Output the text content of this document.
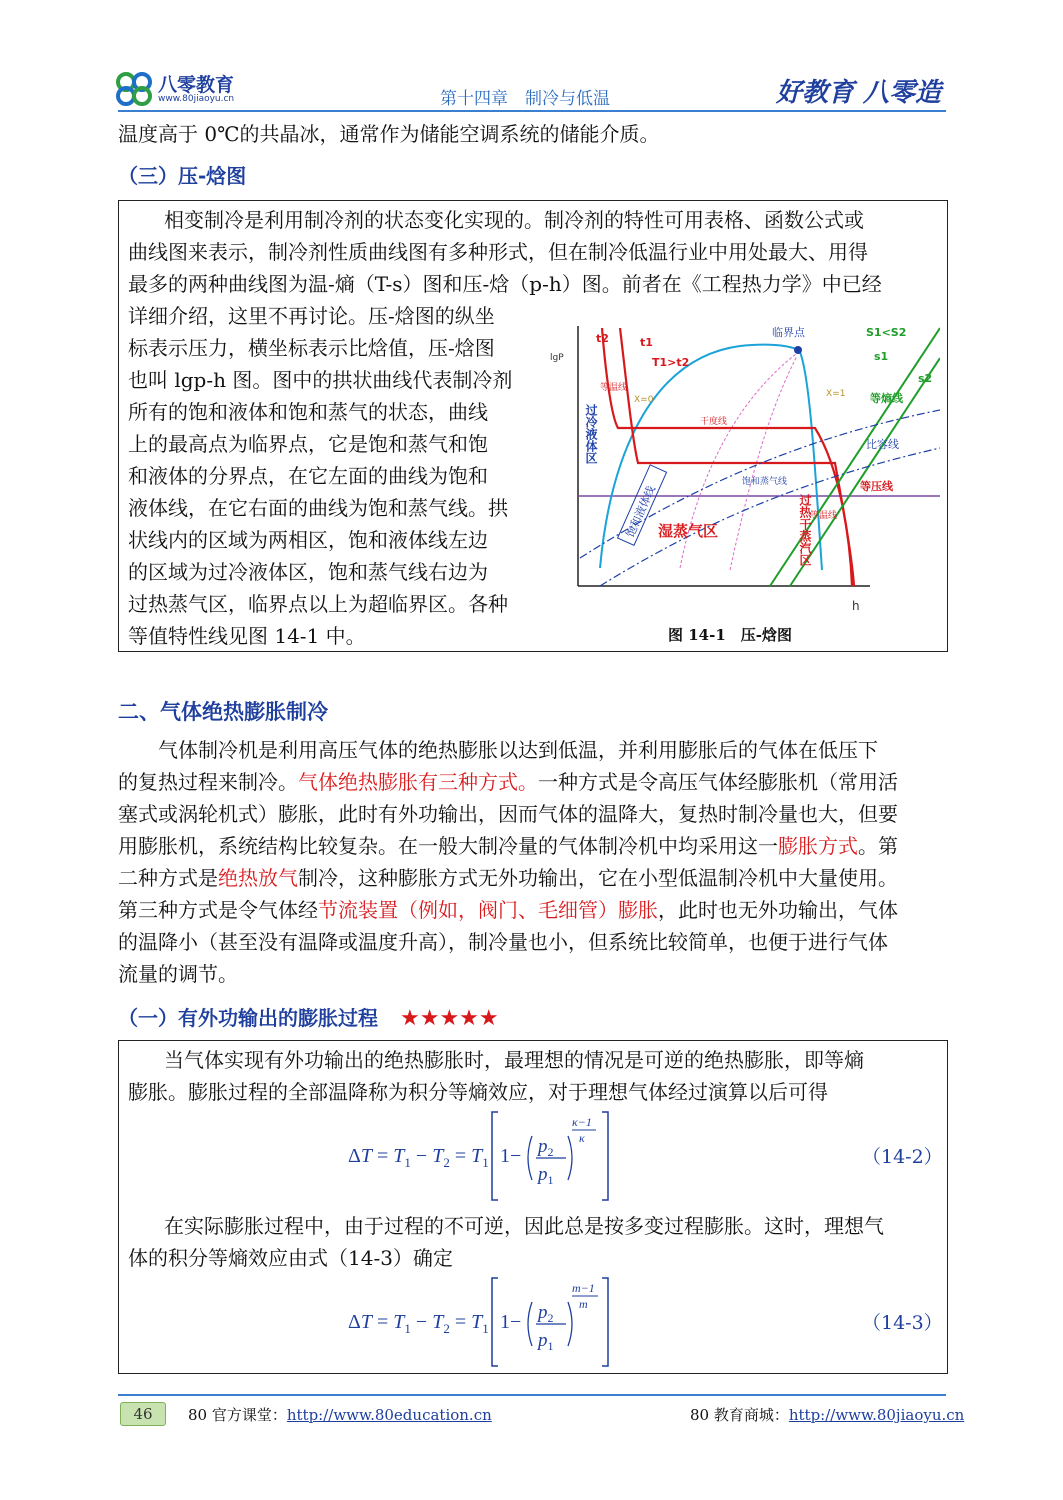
八零教育
www.80jiaoyu.cn	第十四章　制冷与低温	好教育 八零造
温度高于 0℃的共晶冰，通常作为储能空调系统的储能介质。
（三）压-焓图
　　相变制冷是利用制冷剂的状态变化实现的。制冷剂的特性可用表格、函数公式或
曲线图来表示，制冷剂性质曲线图有多种形式，但在制冷低温行业中用处最大、用得
最多的两种曲线图为温-熵（T-s）图和压-焓（p-h）图。前者在《工程热力学》中已经
详细介绍，这里不再讨论。压-焓图的纵坐
标表示压力，横坐标表示比焓值，压-焓图
也叫 lgp-h 图。图中的拱状曲线代表制冷剂
所有的饱和液体和饱和蒸气的状态，曲线
上的最高点为临界点，它是饱和蒸气和饱
和液体的分界点，在它左面的曲线为饱和
液体线，在它右面的曲线为饱和蒸气线。拱
状线内的区域为两相区，饱和液体线左边
的区域为过冷液体区，饱和蒸气线右边为
过热蒸气区，临界点以上为超临界区。各种
等值特性线见图 14-1 中。
lgP
h
t2	t1
T1>t2
临界点	S1<S2
s1
s2
等温线
X=0
X=1
干度线
等熵线
比容线
等压线
饱和蒸气线
等温线
湿蒸气区
过冷液体区
过热干蒸汽区
饱和液体线
图 14-1　压-焓图
二、气体绝热膨胀制冷
　　气体制冷机是利用高压气体的绝热膨胀以达到低温，并利用膨胀后的气体在低压下
的复热过程来制冷。气体绝热膨胀有三种方式。一种方式是令高压气体经膨胀机（常用活
塞式或涡轮机式）膨胀，此时有外功输出，因而气体的温降大，复热时制冷量也大，但要
用膨胀机，系统结构比较复杂。在一般大制冷量的气体制冷机中均采用这一膨胀方式。第
二种方式是绝热放气制冷，这种膨胀方式无外功输出，它在小型低温制冷机中大量使用。
第三种方式是令气体经节流装置（例如，阀门、毛细管）膨胀，此时也无外功输出，气体
的温降小（甚至没有温降或温度升高），制冷量也小，但系统比较简单，也便于进行气体
流量的调节。
（一）有外功输出的膨胀过程 ★★★★★
　　当气体实现有外功输出的绝热膨胀时，最理想的情况是可逆的绝热膨胀，即等熵
膨胀。膨胀过程的全部温降称为积分等熵效应，对于理想气体经过演算以后可得
$\Delta T = T_1 - T_2 = T_1$ $1- p_2$
$p_1$
κ−1
κ
（14-2）
　　在实际膨胀过程中，由于过程的不可逆，因此总是按多变过程膨胀。这时，理想气
体的积分等熵效应由式（14-3）确定
$\Delta T = T_1 - T_2 = T_1$ $1- p_2$
$p_1$
m−1
m
（14-3）
46	80 官方课堂：http://www.80education.cn	80 教育商城：http://www.80jiaoyu.cn
